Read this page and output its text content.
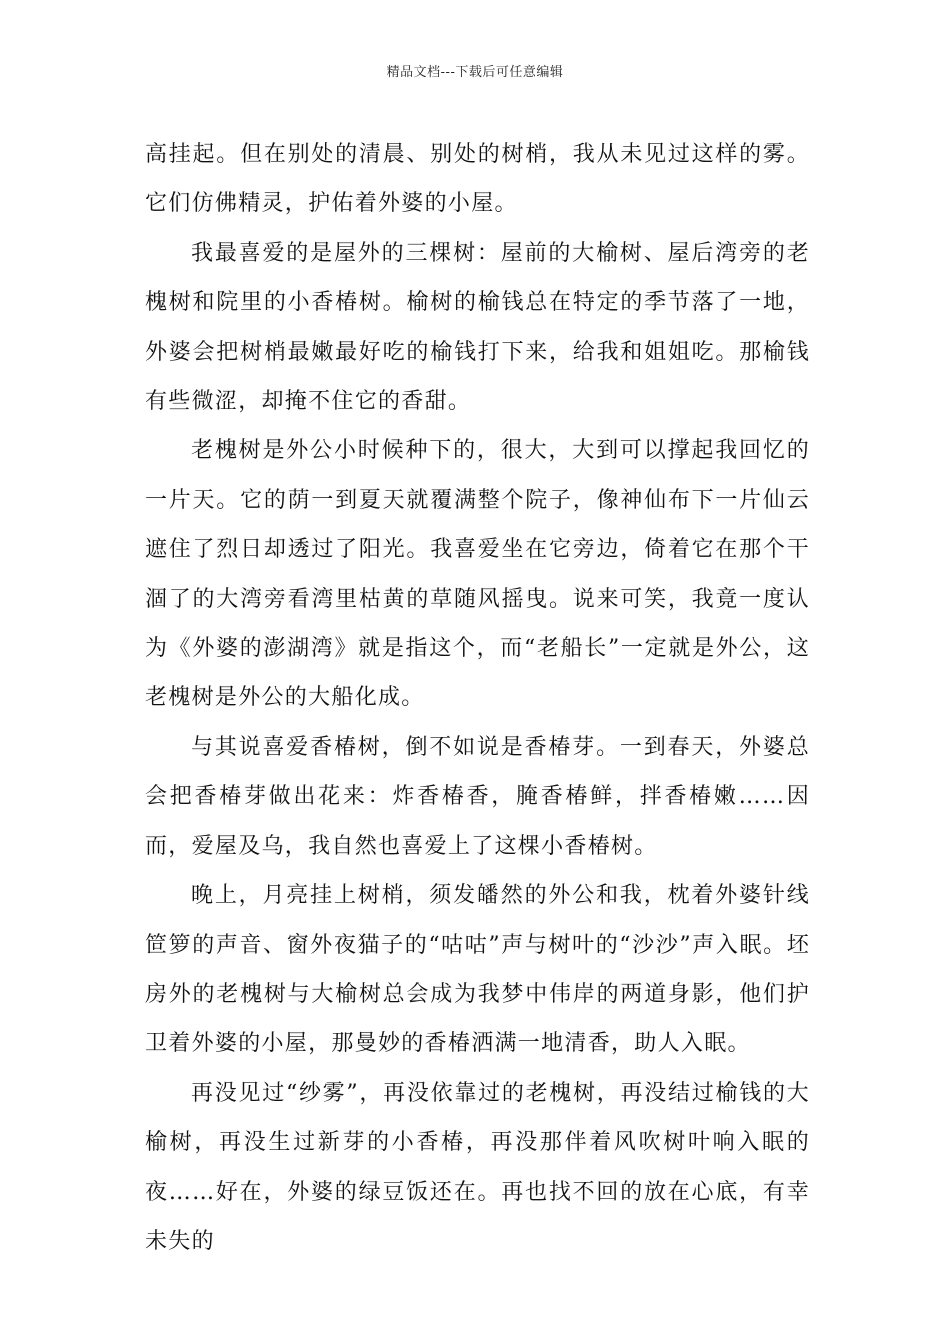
精品文档---下载后可任意编辑

高挂起。但在别处的清晨、别处的树梢，我从未见过这样的雾。它们仿佛精灵，护佑着外婆的小屋。

我最喜爱的是屋外的三棵树：屋前的大榆树、屋后湾旁的老槐树和院里的小香椿树。榆树的榆钱总在特定的季节落了一地，外婆会把树梢最嫩最好吃的榆钱打下来，给我和姐姐吃。那榆钱有些微涩，却掩不住它的香甜。

老槐树是外公小时候种下的，很大，大到可以撑起我回忆的一片天。它的荫一到夏天就覆满整个院子，像神仙布下一片仙云遮住了烈日却透过了阳光。我喜爱坐在它旁边，倚着它在那个干涸了的大湾旁看湾里枯黄的草随风摇曳。说来可笑，我竟一度认为《外婆的澎湖湾》就是指这个，而“老船长”一定就是外公，这老槐树是外公的大船化成。

与其说喜爱香椿树，倒不如说是香椿芽。一到春天，外婆总会把香椿芽做出花来：炸香椿香，腌香椿鲜，拌香椿嫩……因而，爱屋及乌，我自然也喜爱上了这棵小香椿树。

晚上，月亮挂上树梢，须发皤然的外公和我，枕着外婆针线笸箩的声音、窗外夜猫子的“咕咕”声与树叶的“沙沙”声入眠。坯房外的老槐树与大榆树总会成为我梦中伟岸的两道身影，他们护卫着外婆的小屋，那曼妙的香椿洒满一地清香，助人入眠。

再没见过“纱雾”，再没依靠过的老槐树，再没结过榆钱的大榆树，再没生过新芽的小香椿，再没那伴着风吹树叶响入眠的夜……好在，外婆的绿豆饭还在。再也找不回的放在心底，有幸未失的
